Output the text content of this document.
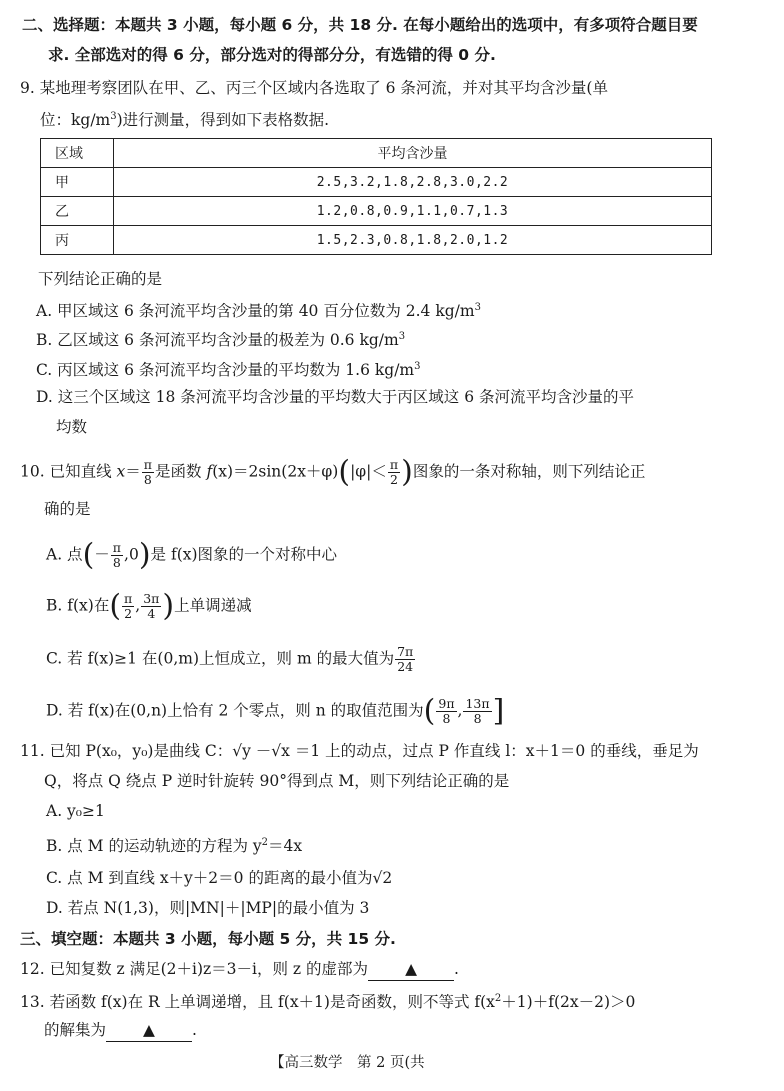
二、选择题：本题共 3 小题，每小题 6 分，共 18 分. 在每小题给出的选项中，有多项符合题目要
求. 全部选对的得 6 分，部分选对的得部分分，有选错的得 0 分.
9. 某地理考察团队在甲、乙、丙三个区域内各选取了 6 条河流，并对其平均含沙量(单
位：$kg/m^3$)进行测量，得到如下表格数据.
区域	平均含沙量
甲	2.5,3.2,1.8,2.8,3.0,2.2
乙	1.2,0.8,0.9,1.1,0.7,1.3
丙	1.5,2.3,0.8,1.8,2.0,1.2
下列结论正确的是
A. 甲区域这 6 条河流平均含沙量的第 40 百分位数为 2.4 $kg/m^3$
B. 乙区域这 6 条河流平均含沙量的极差为 0.6 $kg/m^3$
C. 丙区域这 6 条河流平均含沙量的平均数为 1.6 $kg/m^3$
D. 这三个区域这 18 条河流平均含沙量的平均数大于丙区域这 6 条河流平均含沙量的平
均数
10. 已知直线 $x= \frac{\pi}{8}$ 是函数 $f(x)=2\sin(2x+\varphi)(|\varphi|< \frac{\pi}{2}$ )图象的一条对称轴，则下列结论正
确的是
A. 点(－ $\frac{\pi}{8} ,0$)是 f(x)图象的一个对称中心
B. f(x)在( $\frac{\pi}{2}$ , $\frac{3\pi}{4}$ )上单调递减
C. 若 f(x)≥1 在(0,m)上恒成立，则 m 的最大值为 $\frac{7\pi}{24}$
D. 若 f(x)在(0,n)上恰有 2 个零点，则 n 的取值范围为( $\frac{9\pi}{8}$ , $\frac{13\pi}{8}$ ]
11. 已知 P(x₀，y₀)是曲线 C：√y －√x ＝1 上的动点，过点 P 作直线 l：x＋1＝0 的垂线，垂足为
Q，将点 Q 绕点 P 逆时针旋转 90°得到点 M，则下列结论正确的是
A. y₀≥1
B. 点 M 的运动轨迹的方程为 $y^2=4x$
C. 点 M 到直线 x＋y＋2＝0 的距离的最小值为√2
D. 若点 N(1,3)，则|MN|＋|MP|的最小值为 3
三、填空题：本题共 3 小题，每小题 5 分，共 15 分.
12. 已知复数 z 满足(2＋i)z＝3－i，则 z 的虚部为 ▲ .
13. 若函数 f(x)在 R 上单调递增，且 f(x＋1)是奇函数，则不等式 $f(x^2+1)+f(2x-2)>0$
的解集为 ▲ .
【高三数学　第 2 页(共
